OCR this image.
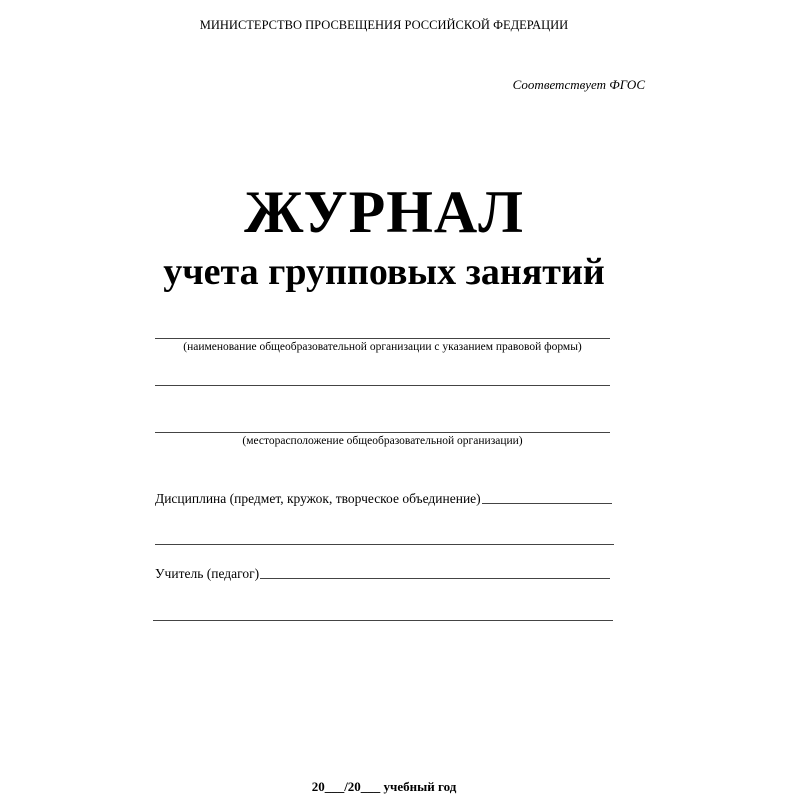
МИНИСТЕРСТВО ПРОСВЕЩЕНИЯ РОССИЙСКОЙ ФЕДЕРАЦИИ
Соответствует ФГОС
ЖУРНАЛ
учета групповых занятий
(наименование общеобразовательной организации с указанием правовой формы)
(месторасположение общеобразовательной организации)
Дисциплина (предмет, кружок, творческое объединение)
Учитель (педагог)
20___/20___ учебный год
